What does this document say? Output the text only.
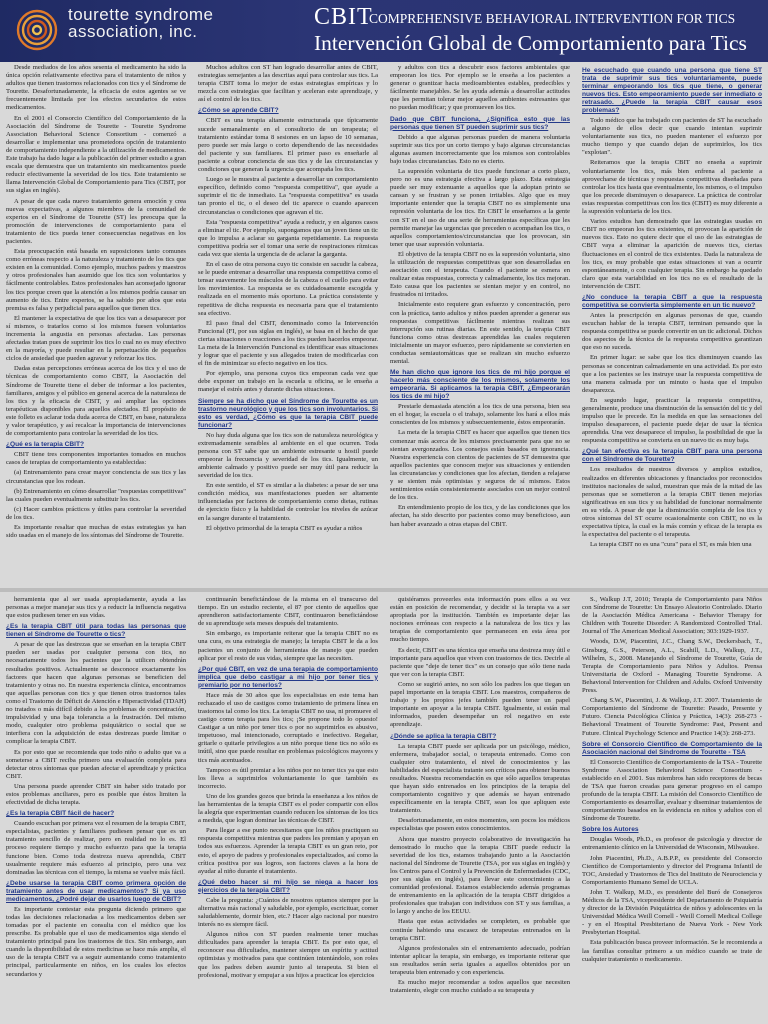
tourette syndrome
association, inc.
CBIT
COMPREHENSIVE BEHAVIORAL INTERVENTION FOR TICS
Intervención Global de Comportamiento para Tics

Desde mediados de los años sesenta el medicamento ha sido la única opción relativamente efectiva para el tratamiento de niños y adultos que tienen trastornos relacionados con tics y el Síndrome de Tourette. Desafortunadamente, la eficacia de estos agentes se ve frecuentemente limitada por los efectos secundarios de estos medicamentos.

En el 2001 el Consorcio Científico del Comportamiento de la Asociación del Síndrome de Tourette - Tourette Syndrome Association Behavioral Science Consortium - comenzó a desarrollar e implementar una prometedora opción de tratamiento de comportamiento independiente a la utilización de medicamentos. Este trabajo ha dado lugar a la publicación del primer estudio a gran escala que demuestra que un tratamiento sin medicamentos puede reducir efectivamente la severidad de los tics. Este tratamiento se llama Intervención Global de Comportamiento para Tics (CBIT, por sus siglas en inglés).

A pesar de que cada nuevo tratamiento genera emoción y crea nuevas expectativas, a algunos miembros de la comunidad de expertos en el Síndrome de Tourette (ST) les preocupa que la promoción de intervenciones de comportamiento para el tratamiento de tics pueda tener consecuencias negativas en los pacientes.

Esta preocupación está basada en suposiciones tanto comunes como erróneas respecto a la naturaleza y tratamiento de los tics que existen en la comunidad. Como ejemplo, muchos padres y maestros y otros profesionales han asumido que los tics son voluntarios y fácilmente controlables. Estos profesionales han aconsejado ignorar los tics porque creen que la atención a los mismos podría causar un aumento de tics. Entre expertos, se ha sabido por años que esta premisa es falsa y perjudicial para aquellos que tienen tics.

El mantener la expectativa de que los tics van a desaparecer por sí mismos, o tratarlos como si los mismos fuesen voluntarios incrementa la angustia en personas afectadas. Las personas afectadas tratan pues de suprimir los tics lo cual no es muy efectivo en la mayoría, y puede resultar en la perpetuación de pequeños ciclos de ansiedad que pueden agravar y reforzar los tics.

Dadas estas percepciones erróneas acerca de los tics y el uso de técnicas de comportamiento como CBIT, la Asociación del Síndrome de Tourette tiene el deber de informar a los pacientes, familiares, amigos y el público en general acerca de la naturaleza de los tics y la eficacia de CBIT, y así ampliar las opciones terapéuticas disponibles para aquellos afectados. El propósito de este folleto es aclarar toda duda acerca de CBIT, en base, naturaleza y valor terapéutico, y así recalcar la importancia de intervenciones de comportamiento para controlar la severidad de los tics.

¿Qué es la terapia CBIT?

CBIT tiene tres componentes importantes tomados en muchos casos de terapias de comportamiento ya establecidas:

(a) Entrenamiento para crear mayor conciencia de sus tics y las circunstancias que los rodean.

(b) Entrenamiento en cómo desarrollar "respuestas competitivas" las cuales pueden eventualmente substituir los tics.

(c) Hacer cambios prácticos y útiles para controlar la severidad de los tics.

Es importante resaltar que muchas de estas estrategias ya han sido usadas en el manejo de los síntomas del Síndrome de Tourette.

Muchos adultos con ST han logrado desarrollar antes de CBIT, estrategias semejantes a las descritas aquí para controlar sus tics. La terapia CBIT toma lo mejor de estas estrategias empíricas y lo mezcla con estrategias que facilitan y aceleran este aprendizaje, y así el control de los tics.

¿Cómo se aprende CBIT?

CBIT es una terapia altamente estructurada que típicamente sucede semanalmente en el consultorio de un terapeuta; el tratamiento estándar toma 8 sesiones en un lapso de 10 semanas, pero puede ser más largo o corto dependiendo de las necesidades del paciente y sus familiares. El primer paso es enseñarle al paciente a cobrar conciencia de sus tics y de las circunstancias y condiciones que generan la urgencia que acompaña los tics.

Luego se le muestra al paciente a desarrollar un comportamiento específico, definido como "respuesta competitiva", que ayude a suprimir el tic de inmediato. La "respuesta competitiva" es usada tan pronto el tic, o el deseo del tic aparece o cuando aparecen circunstancias o condiciones que agravan el tic.

Esta "respuesta competitiva" ayuda a reducir, y en algunos casos a eliminar el tic. Por ejemplo, supongamos que un joven tiene un tic que lo impulsa a aclarar su garganta repetidamente. La respuesta competitiva podría ser el tomar una serie de respiraciones rítmicas cada vez que sienta la urgencia de de aclarar la garganta.

En el caso de otra persona cuyo tic consiste en sacudir la cabeza, se le puede entrenar a desarrollar una respuesta competitiva como el tensar suavemente los músculos de la cabeza o el cuello para evitar los movimientos. La respuesta se es cuidadosamente escogida y realizada en el momento más oportuno. La práctica consistente y repetitiva de dicha respuesta es necesaria para que el tratamiento sea efectivo.

El paso final del CBIT, denominado como la Intervención Funcional (FI, por sus siglas en inglés), se basa en el hecho de que ciertas situaciones o reacciones a los tics pueden hacerlos empeorar. La meta de la Intervención Funcional es identificar esas situaciones y lograr que el paciente y sus allegados traten de modificarlas con el fin de minimizar su efecto negativo en los tics.

Por ejemplo, una persona cuyos tics empeoran cada vez que debe exponer un trabajo en la escuela u oficina, se le enseña a manejar el estrés antes y durante dichas situaciones.

Siempre se ha dicho que el Síndrome de Tourette es un trastorno neurológico y que los tics son involuntarios. Si esto es verdad, ¿Cómo es que la terapia CBIT puede funcionar?

No hay duda alguna que los tics son de naturaleza neurológica y extremadamente sensibles al ambiente en el que ocurren. Toda persona con ST sabe que un ambiente estresante u hostil puede empeorar la frecuencia y severidad de los tics. Igualmente, un ambiente calmado y positivo puede ser muy útil para reducir la severidad de los tics.

En este sentido, el ST es similar a la diabetes: a pesar de ser una condición médica, sus manifestaciones pueden ser altamente influenciadas por factores de comportamiento como dietas, rutinas de ejercicio físico y la habilidad de controlar los niveles de azúcar en la sangre durante el tratamiento.

El objetivo primordial de la terapia CBIT es ayudar a niños

y adultos con tics a descubrir esos factores ambientales que empeoran los tics. Por ejemplo se le enseña a los pacientes a generar o grantizar hacia medioambientes estables, predecibles y fácilmente manejables. Se les ayuda además a desarrollar actitudes que les permitan tolerar mejor aquellos ambientes estresantes que no puedan modificar; y que promueven los tics.

Dado que CBIT funciona, ¿Significa esto que las personas que tienen ST pueden suprimir sus tics?

Debido a que algunas personas pueden de manera voluntaria suprimir sus tics por un corto tiempo y bajo algunas circunstancias algunas asumen incorrectamente que los mismos son controlables bajo todas circunstancias. Esto no es cierto.

La supresión voluntaria de tics puede funcionar a corto plazo, pero no es una estrategia efectiva a largo plazo. Esta estrategia puede ser muy extenuante a aquellos que la adoptan printo se cansan y se frustran y se ponen irritables. Algo que es muy importante entender que la terapia CBIT no es simplemente una represión voluntaria de los tics. En CBIT le enseñamos a la gente con ST en el uso de una serie de herramientas específicas que les permite manejar las urgencias que preceden o acompañan los tics, o aquellos comportamientos/circunstancias que los provocan, sin tener que usar supresión voluntaria.

El objetivo de la terapia CBIT no es la supresión voluntaria, sino la utilización de respuestas competitivas que son desarrolladas en asociación con el terapeuta. Cuando el paciente se esmera en realizar estas respuestas, correcta y calmadamente, los tics mejoran. Esto causa que los pacientes se sientan mejor y en control, no frustrados ni irritados.

Inicialmente esto requiere gran esfuerzo y concentración, pero con la práctica, tanto adultos y niños pueden aprender a generar sus respuestas competitivas fácilmente mientras realizan sus interrupción sus rutinas diarias. En este sentido, la terapia CBIT funciona como otras destrezas aprendidas las cuales requieren inicialmente un mayor esfuerzo, pero rápidamente se convierten en conductas semiautomáticas que se realizan sin mucho esfuerzo mental.

Me han dicho que ignore los tics de mi hijo porque el hacerlo más consciente de los mismos, solamente los empeoraría. Si aplicamos la terapia CBIT, ¿Empeorarán los tics de mi hijo?

Prestarle demasiada atención a los tics de una persona, bien sea en el hogar, la escuela o el trabajo, solamente los hará a ellos más conscientes de los mismos y subsecuentemente, éstos empeorarán.

La meta de la terapia CBIT es hacer que aquellos que tienen tics comenzar más acerca de los mismos precisamente para que no se sientan avergonzados. Los consejos están basados en ignorancia. Nuestra experiencia con cientos de pacientes de ST demuestra que aquellos pacientes que conocen mejor sus situaciones y entienden las circunstancias y condiciones que los afectan, tienden a relajarse y se sienten más optimistas y seguros de sí mismos. Estos sentimientos están consistentemente asociados con un mejor control de los tics.

En entendimiento propio de los tics, y de las condiciones que los afectan, ha sido descrito por pacientes como muy beneficioso, aun han haber avanzado a otras etapas del CBIT.

He escuchado que cuando una persona que tiene ST trata de suprimir sus tics voluntariamente, puede terminar empeorando los tics que tiene, o generar nuevos tics. Esto empeoramiento puede ser inmediato o retrasado. ¿Puede la terapia CBIT causar esos problemas?

Todo médico que ha trabajado con pacientes de ST ha escuchado a alguno de ellos decir que cuando intentan suprimir voluntariamente sus tics, no pueden mantener el esfuerzo por mucho tiempo y que cuando dejan de suprimirlos, los tics "explotan".

Reiteramos que la terapia CBIT no enseña a suprimir voluntariamente los tics, más bien enfrena al paciente a aprovecharse de técnicas y respuestas competitivas diseñadas para controlar los tics hasta que eventualmente, los mismos, o el impulso que los precede disminuyen o desaparece. La práctica de controlar estas respuestas competitivas con los tics (CBIT) es muy diferente a la supresión voluntaria de los tics.

Varios estudios han demostrado que las estrategias usadas en CBIT no empeoran los tics existentes, ni provocan la aparición de nuevos tics. Esto no quiere decir que el uso de las estrategias de CBIT vaya a eliminar la aparición de nuevos tics, ciertas fluctuaciones en el control de tics existentes. Dada la naturaleza de los tics, es muy probable que estas situaciones si van a ocurrir espontáneamente, o con cualquier terapia. Sin embargo ha quedado claro que esta variabilidad en los tics no es el resultado de la intervención de CBIT.

¿No conduce la terapia CBIT a que la respuesta competitiva se convierta simplemente en un tic nuevo?

Antes la prescripción en algunas personas de que, cuando escuchan hablar de la terapia CBIT, terminan pensando que la respuesta competitiva se puede convertir en un tic adicional. Dichos dos aspectos de la técnica de la respuesta competitiva garantizan que eso no suceda.

En primer lugar: se sabe que los tics disminuyen cuando las personas se concentran calmadamente en una actividad. Es por esto que a los pacientes se les instruye usar la respuesta competitiva de una manera calmada por un minuto o hasta que el impulso desaparezca.

En segundo lugar, practicar la respuesta competitiva, generalmente, produce una disminución de la sensación del tic y del impulso que le precede. En la medida en que las sensaciones del impulso desaparecen, el paciente puede dejar de usar la técnica aprendida. Una vez desaparece el impulso, la posibilidad de que la respuesta competitiva se convierta en un nuevo tic es muy baja.

¿Qué tan efectiva es la terapia CBIT para una persona con el Síndrome de Tourette?

Los resultados de nuestros diversos y amplios estudios, realizados en diferentes ubicaciones y financiados por reconocidos institutos nacionales de salud, muestran que más de la mitad de las personas que se sometieron a la terapia CBIT tienen mejorías significativas en sus tics y su habilidad de funcionar normalmente en su vida. A pesar de que la disminución completa de los tics y otros síntomas del ST ocurre ocasionalmente con CBIT, no es la expectativa típica, la cual es la más común y eficaz de la terapia es la expectativa del paciente o el terapeuta.

La terapia CBIT no es una "cura" para el ST, es más bien una

herramienta que al ser usada apropiadamente, ayuda a las personas a mejor manejar sus tics y a reducir la influencia negativa que estos pudiesen tener en sus vidas.

¿Es la terapia CBIT útil para todas las personas que tienen el Síndrome de Tourette o tics?

A pesar de que las destrezas que se enseñan en la terapia CBIT pueden ser usadas por cualquier persona con tics, no necesariamente todos los pacientes que la utilicen obtendrán resultados positivos. Actualmente se desconoce exactamente los factores que hacen que algunas personas se beneficien del tratamiento y otras no. En nuestra experiencia clínica, encontramos que aquellas personas con tics y que tienen otros trastornos tales como el Trastorno de Déficit de Atención e Hiperactividad (TDAH) no tratados o más difícil debido a los problemas de concentración, impulsividad y una baja tolerancia a la frustración. Del mismo modo, cualquier otro problema psiquiátrico o social que se interfiera con la adquisición de estas destrezas puede limitar o complicar la terapia CBIT.

Es por esto que se recomienda que todo niño o adulto que va a someterse a CBIT reciba primero una evaluación completa para detectar otros síntomas que puedan afectar el aprendizaje y práctica CBIT.

Una persona puede aprender CBIT sin haber sido tratado por estos problemas anciliares, pero es posible que éstos limiten la efectividad de dicha terapia.

¿Es la terapia CBIT fácil de hacer?

Cuando escuchan por primera vez el resumen de la terapia CBIT, especialistas, pacientes y familiares pudiesen pensar que es un tratamiento sencillo de realizar, pero en realidad no lo es. El proceso requiere tiempo y mucho esfuerzo para que la terapia funcione bien. Como toda destreza nueva aprendida, CBIT usualmente requiere más esfuerzo al principio, pero una vez dominadas las técnicas con el tiempo, la misma se vuelve más fácil.

¿Debe usarse la terapia CBIT como primera opción de tratamiento antes de usar medicamentos? Si ya uso medicamentos, ¿Podré dejar de usarlos luego de CBIT?

Es importante contestar esta pregunta diciendo primero que todas las decisiones relacionadas a los medicamentos deben ser tomadas por el paciente en consulta con el médico que los prescribe. Es probable que el uso de medicamentos siga siendo el tratamiento principal para los trastornos de tics. Sin embargo, aun cuando la disponibilidad de estos medicinas se hace más amplia, el uso de la terapia CBIT va a seguir aumentando como tratamiento principal, particularmente en niños, en los cuales los efectos secundarios y

continuarán beneficiándose de la misma en el transcurso del tiempo. En un estudio reciente, el 87 por ciento de aquellos que aprendieron satisfactoriamente CBIT, continuaron beneficiándose de su aprendizaje seis meses después del tratamiento.

Sin embargo, es importante reiterar que la terapia CBIT no es una cura, es una estrategia de manejo; la terapia CBIT le da a los pacientes un conjunto de herramientas de manejo que pueden aplicar por el resto de sus vidas, siempre que las necesiten.

¿Por qué CBIT, en vez de una terapia de comportamiento implica que debo castigar a mi hijo por tener tics y premiarlo por no tenerlos?

Hace más de 30 años que los especialistas en este tema han rechazado el uso de castigos como tratamiento de primera línea en trastornos tal como los tics. La terapia CBIT no usa, ni promueve el castigo como terapia para los tics; ¡Se propone todo lo opuesto! Castigar a un niño por tener tics o por no suprimirlos es abusivo, impetuoso, mal intencionado, corruptado e inefectivo. Regañar, gritarle o quitarle privilegios a un niño porque tiene tics no sólo es inútil, sino que puede resultar en problemas psicológicos mayores y tics más acentuados.

Tampoco es útil premiar a los niños por no tener tics ya que esto los lleva a suprimirlos voluntariamente lo que también es incorrecto.

Uno de los grandes gozos que brinda la enseñanza a los niños de las herramientas de la terapia CBIT es el poder compartir con ellos la alegría que experimentan cuando reducen los síntomas de los tics a medida, que logran dominar las técnicas de CBIT.

Para llegar a ese punto necesitamos que los niños practiquen su respuesta competitiva mientras que padres les premian y apoyan en todos sus esfuerzos. Aprender la terapia CBIT es un gran reto, por esto, el apoyo de padres y profesionales especializados, así como la crítica positiva por sus logros, son factores claves a la hora de ayudar al niño durante el tratamiento.

¿Qué debo hacer si mi hijo se niega a hacer los ejercicios de la terapia CBIT?

Cabe la pregunta: ¿Cuántos de nosotros optamos siempre por la alternativa más racional y saludable, por ejemplo, escricituar, comer saludablemente, dormir bien, etc.? Hacer algo racional por nuestro interés no es siempre fácil.

Algunos niños con ST pueden realmente tener muchas dificultades para aprender la terapia CBIT. Es por esto que, el reconocer esa dificultades, mantener siempre un espíritu y actitud optimistas y motivados para que continúen intentándolo, son roles que los padres deben asumir junto al terapeuta. Si bien el profesional, motivar y empujar a sus hijos a practicar los ejercicios

quisiéramos proveerles esta información pues ellos a su vez están en posición de recomendar, y decidir si la terapia va a ser apropiada por la institución. También es importante dejar las nociones erróneas con respecto a la naturaleza de los tics y las terapias de comportamiento que permanecen en esta área por mucho tiempo.

Es decir, CBIT es una técnica que enseña una destreza muy útil e importante para aquellos que viven con trastornos de tics. Decirle al paciente que "deje de tener tics" es un consejo que sólo tiene nada que ver con la terapia CBIT.

Como se sugirió antes, no son sólo los padres los que tiegan un papel importante en la terapia CBIT. Los maestros, compañeros de trabajo y los propios jefes también pueden tener un papel importante en apoyar a la terapia CBIT. Igualmente, si están mal informados, pueden desempeñar un rol negativo en este aprendizaje.

¿Dónde se aplica la terapia CBIT?

La terapia CBIT puede ser aplicada por un psicólogo, médico, enfermera, trabajador social, o terapeuta entrenado. Como con cualquier otro tratamiento, el nivel de conocimientos y las habilidades del especialista tratante son críticos para obtener buenos resultados. Nuestra recomendación es que sólo aquellos terapeutas que hayan sido entrenados en los principios de la terapia del comportamiento cognitivo y que además se hayan entrenado específicamente en la terapia CBIT, sean los que apliquen este tratamiento.

Desafortunadamente, en estos momentos, son pocos los médicos especialistas que poseen estos conocimientos.

Ahora que nuestro proyecto colaborativo de investigación ha demostrado lo mucho que la terapia CBIT puede reducir la severidad de los tics, estamos trabajando junto a la Asociación nacional del Síndrome de Tourette (TSA, por sus siglas en inglés) y los Centros para el Control y la Prevención de Enfermedades (CDC, por sus siglas en inglés), para llevar este conocimiento a la comunidad profesional. Estamos estableciendo además programas de entrenamiento en la aplicación de la terapia CBIT dirigidos a profesionales que trabajan con individuos con ST y sus familias, a lo largo y ancho de los EEUU.

Hasta que estas actividades se completen, es probable que continúe habiendo una escasez de terapeutas entrenados en la terapia CBIT.

Algunos profesionales sin el entrenamiento adecuado, podrían intentar aplicar la terapia, sin embargo, es importante reiterar que sus resultados serán seria iguales a aquellos obtenidos por un terapeuta bien entrenado y con experiencia.

Es mucho mejor recomendar a todos aquellos que necesiten tratamiento, elegir con mucho cuidado a su terapeuta y

S., Walkup J.T, 2010; Terapia de Comportamiento para Niños con Síndrome de Tourette: Un Ensayo Aleatorio Controlado. Diario de la Asociación Médica Americana - Behavior Therapy for Children with Tourette Disorder: A Randomized Controlled Trial. Journal of The American Medical Association; 303:1929-1937.

Woods, D.W, Piacentini, J.C., Chang S.W., Deckersbach, T., Ginsburg, G.S., Peterson, A.L., Scahill, L.D., Walkup, J.T., Wilhelm, S., 2008. Manejando el Síndrome de Tourette, Guía de Terapia de Comportamiento para Niños y Adultos. Prensa Universitaria de Oxford - Managing Tourette Syndrome. A Behavioral Intervention for Children and Adults. Oxford University Press.

Chang S.W., Piacentini, J. & Walkup, J.T. 2007. Tratamiento de Comportamiento del Síndrome de Tourette: Pasado, Presente y Futuro. Ciencia Psicológica Clínica y Práctica, 14(3): 268-273 - Behavioral Treatment of Tourette Syndrome: Past, Present and Future. Clinical Psychology Science and Practice 14(3): 268-273.

Sobre el Consorcio Científico de Comportamiento de la Asociación nacional del Síndrome de Tourette - TSA

El Consorcio Científico de Comportamiento de la TSA - Tourette Syndrome Association Behavioral Science Consortium - establecido en el 2001. Sus miembros han sido receptores de becas de TSA que fueron creadas para generar progreso en el campo profundo de la terapia CBIT. La misión del Consorcio Científico de Comportamiento es desarrollar, evaluar y diseminar tratamientos de comportamiento basados en la evidencia en niños y adultos con el Síndrome de Tourette.

Sobre los Autores

Douglas Woods, Ph.D., es profesor de psicología y director de entrenamiento clínico en la Universidad de Wisconsin, Milwaukee.

John Piacentini, Ph.D., A.B.P.P., es presidente del Consorcio Científico de Comportamiento y director del Programa Infantil de TOC, Ansiedad y Trastornos de Tics del Instituto de Neurociencia y Comportamiento Humano Semel de UCLA.

John T. Walkup, M.D., es presidente del Buró de Consejeros Médicos de la TSA, vicepresidente del Departamento de Psiquiatría y director de la División Psiquiátrica de niños y adolescentes en la Universidad Médica Weill Cornell - Weill Cornell Medical College - y en el Hospital Presbiteriano de Nueva York - New York Presbyterian Hospital.

Esta publicación busca proveer información. Se le recomienda a las familias consultar primero a un médico cuando se trate de cualquier tratamiento o medicamento.
